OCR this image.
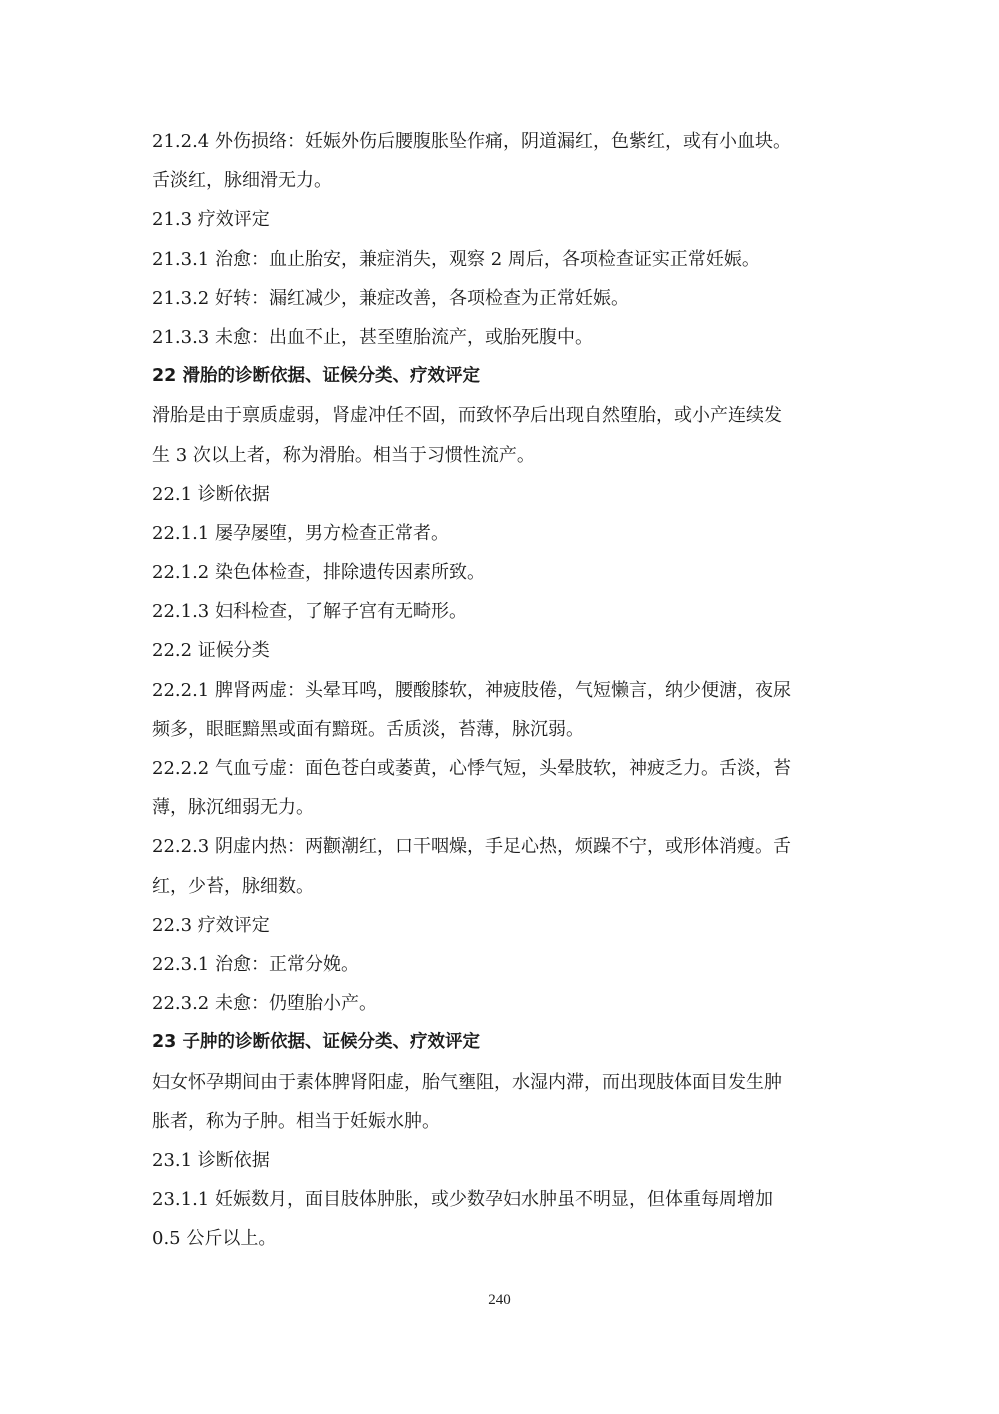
21.2.4 外伤损络：妊娠外伤后腰腹胀坠作痛，阴道漏红，色紫红，或有小血块。
舌淡红，脉细滑无力。
21.3 疗效评定
21.3.1 治愈：血止胎安，兼症消失，观察 2 周后，各项检查证实正常妊娠。
21.3.2 好转：漏红减少，兼症改善，各项检查为正常妊娠。
21.3.3 未愈：出血不止，甚至堕胎流产，或胎死腹中。
22 滑胎的诊断依据、证候分类、疗效评定
滑胎是由于禀质虚弱，肾虚冲任不固，而致怀孕后出现自然堕胎，或小产连续发
生 3 次以上者，称为滑胎。相当于习惯性流产。
22.1 诊断依据
22.1.1 屡孕屡堕，男方检查正常者。
22.1.2 染色体检查，排除遗传因素所致。
22.1.3 妇科检查，了解子宫有无畸形。
22.2 证候分类
22.2.1 脾肾两虚：头晕耳鸣，腰酸膝软，神疲肢倦，气短懒言，纳少便溏，夜尿
频多，眼眶黯黑或面有黯斑。舌质淡，苔薄，脉沉弱。
22.2.2 气血亏虚：面色苍白或萎黄，心悸气短，头晕肢软，神疲乏力。舌淡，苔
薄，脉沉细弱无力。
22.2.3 阴虚内热：两颧潮红，口干咽燥，手足心热，烦躁不宁，或形体消瘦。舌
红，少苔，脉细数。
22.3 疗效评定
22.3.1 治愈：正常分娩。
22.3.2 未愈：仍堕胎小产。
23 子肿的诊断依据、证候分类、疗效评定
妇女怀孕期间由于素体脾肾阳虚，胎气壅阻，水湿内滞，而出现肢体面目发生肿
胀者，称为子肿。相当于妊娠水肿。
23.1 诊断依据
23.1.1 妊娠数月，面目肢体肿胀，或少数孕妇水肿虽不明显，但体重每周增加
0.5 公斤以上。
240
